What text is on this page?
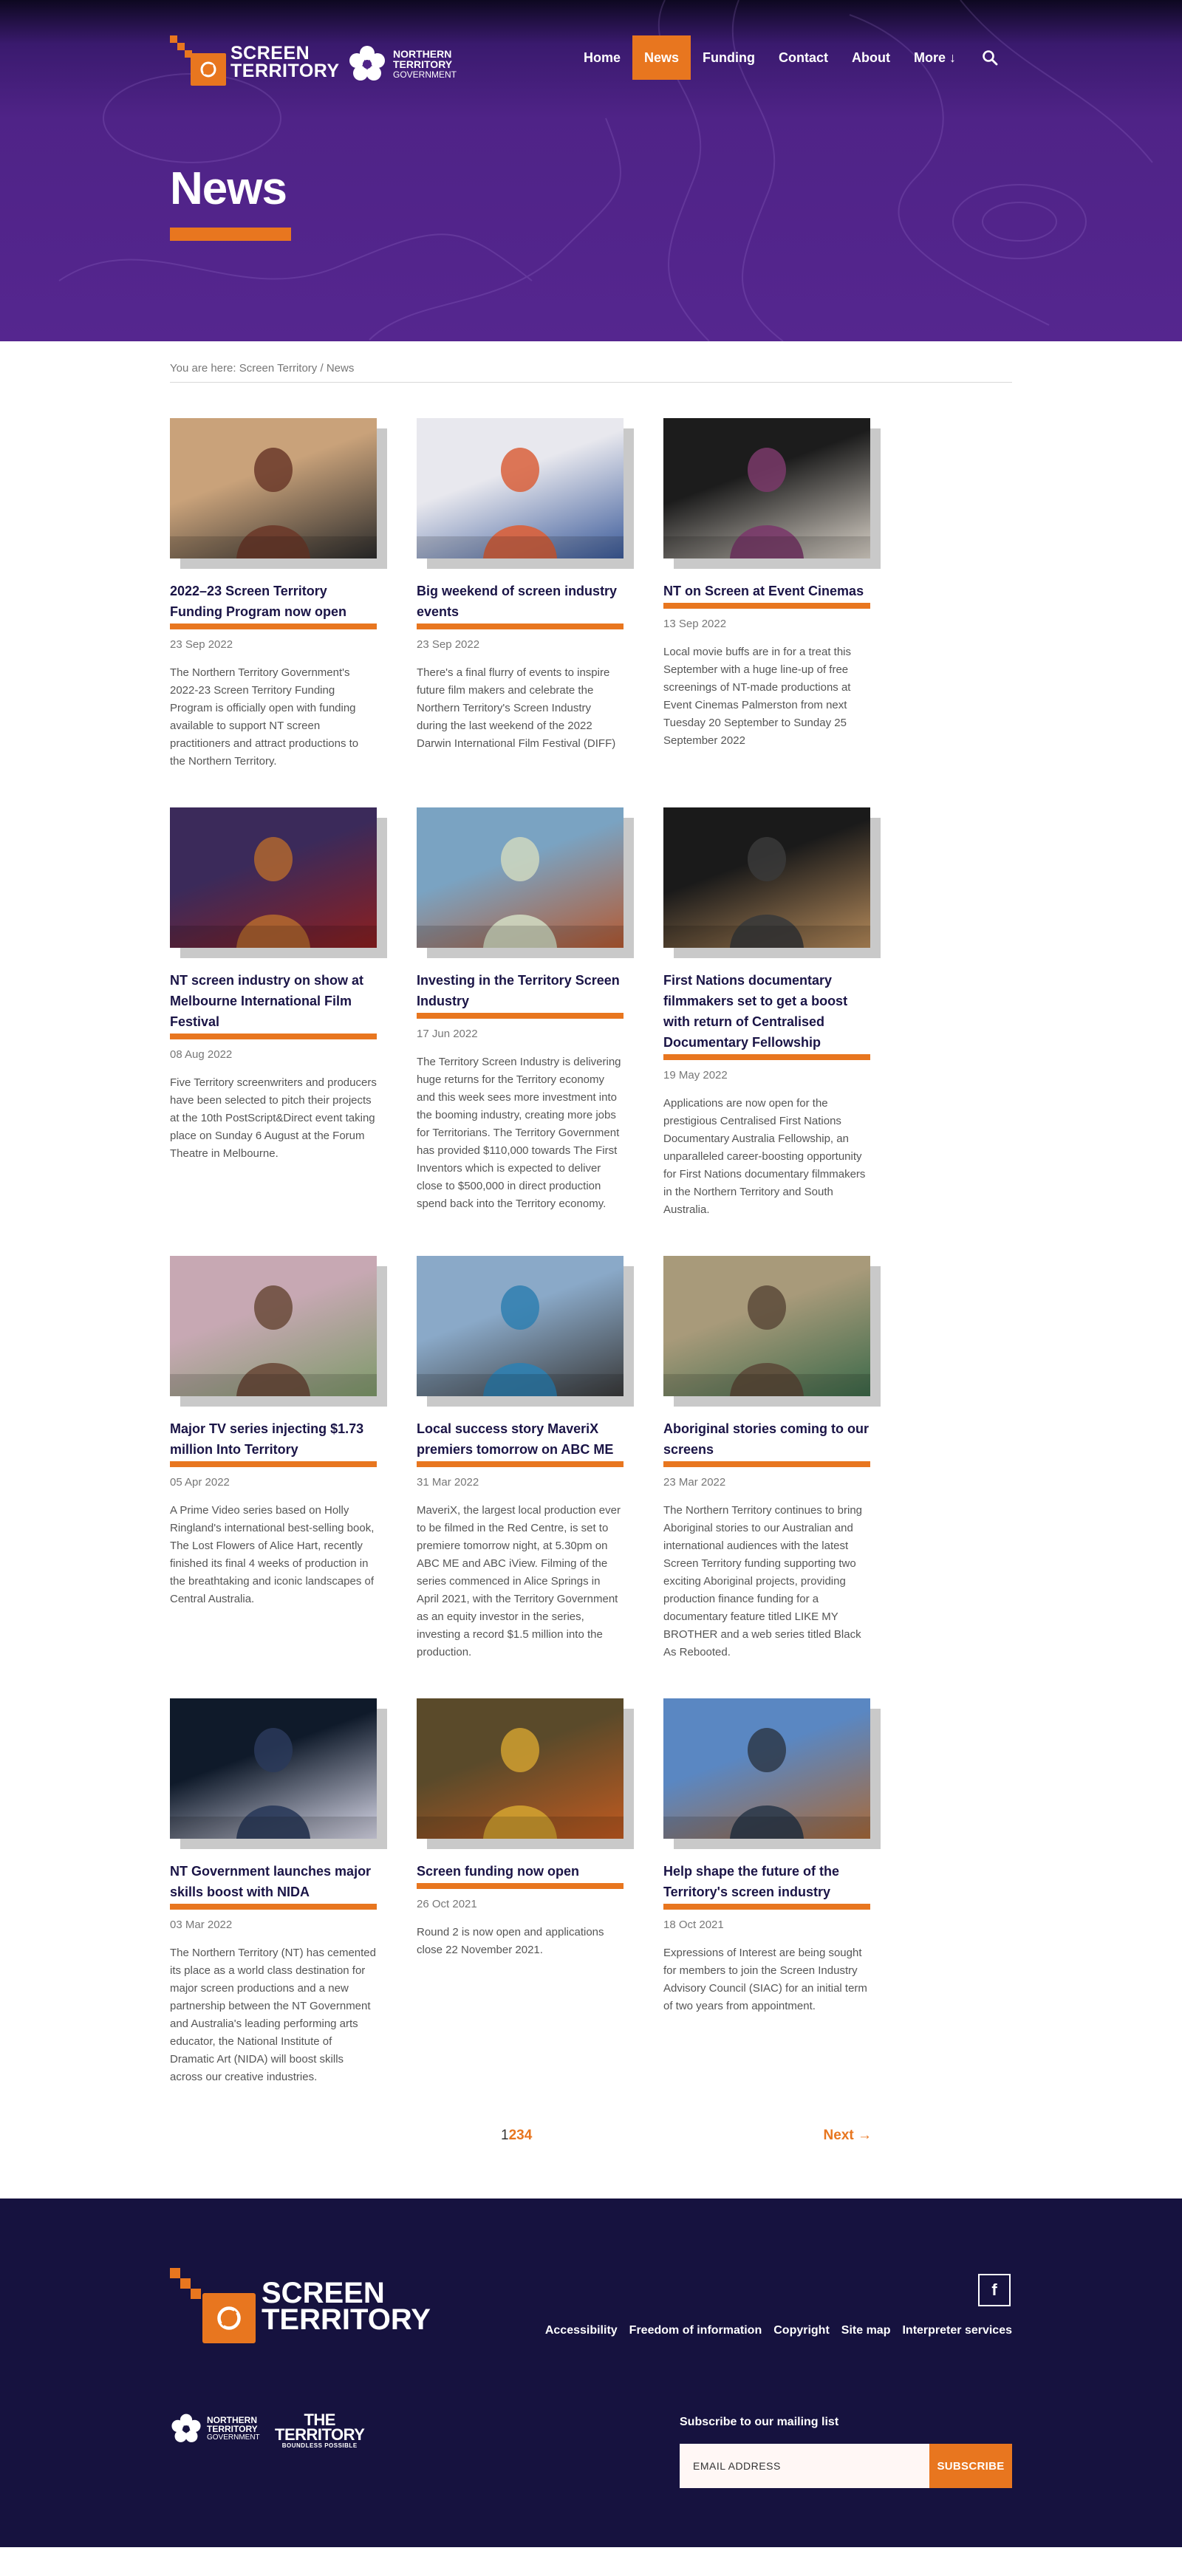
SCREEN
TERRITORY
NORTHERN
TERRITORY
GOVERNMENT
Home	News	Funding	Contact	About	More ↓
News
You are here: Screen Territory / News
2022–23 Screen Territory Funding Program now open
23 Sep 2022
The Northern Territory Government's 2022-23 Screen Territory Funding Program is officially open with funding available to support NT screen practitioners and attract productions to the Northern Territory.
Big weekend of screen industry events
23 Sep 2022
There's a final flurry of events to inspire future film makers and celebrate the Northern Territory's Screen Industry during the last weekend of the 2022 Darwin International Film Festival (DIFF)
NT on Screen at Event Cinemas
13 Sep 2022
Local movie buffs are in for a treat this September with a huge line-up of free screenings of NT-made productions at Event Cinemas Palmerston from next Tuesday 20 September to Sunday 25 September 2022
NT screen industry on show at Melbourne International Film Festival
08 Aug 2022
Five Territory screenwriters and producers have been selected to pitch their projects at the 10th PostScript&Direct event taking place on Sunday 6 August at the Forum Theatre in Melbourne.
Investing in the Territory Screen Industry
17 Jun 2022
The Territory Screen Industry is delivering huge returns for the Territory economy and this week sees more investment into the booming industry, creating more jobs for Territorians. The Territory Government has provided $110,000 towards The First Inventors which is expected to deliver close to $500,000 in direct production spend back into the Territory economy.
First Nations documentary filmmakers set to get a boost with return of Centralised Documentary Fellowship
19 May 2022
Applications are now open for the prestigious Centralised First Nations Documentary Australia Fellowship, an unparalleled career-boosting opportunity for First Nations documentary filmmakers in the Northern Territory and South Australia.
Major TV series injecting $1.73 million Into Territory
05 Apr 2022
A Prime Video series based on Holly Ringland's international best-selling book, The Lost Flowers of Alice Hart, recently finished its final 4 weeks of production in the breathtaking and iconic landscapes of Central Australia.
Local success story MaveriX premiers tomorrow on ABC ME
31 Mar 2022
MaveriX, the largest local production ever to be filmed in the Red Centre, is set to premiere tomorrow night, at 5.30pm on ABC ME and ABC iView. Filming of the series commenced in Alice Springs in April 2021, with the Territory Government as an equity investor in the series, investing a record $1.5 million into the production.
Aboriginal stories coming to our screens
23 Mar 2022
The Northern Territory continues to bring Aboriginal stories to our Australian and international audiences with the latest Screen Territory funding supporting two exciting Aboriginal projects, providing production finance funding for a documentary feature titled LIKE MY BROTHER and a web series titled Black As Rebooted.
NT Government launches major skills boost with NIDA
03 Mar 2022
The Northern Territory (NT) has cemented its place as a world class destination for major screen productions and a new partnership between the NT Government and Australia's leading performing arts educator, the National Institute of Dramatic Art (NIDA) will boost skills across our creative industries.
Screen funding now open
26 Oct 2021
Round 2 is now open and applications close 22 November 2021.
Help shape the future of the Territory's screen industry
18 Oct 2021
Expressions of Interest are being sought for members to join the Screen Industry Advisory Council (SIAC) for an initial term of two years from appointment.
1234	Next →
SCREEN
TERRITORY
f
Accessibility Freedom of information Copyright Site map Interpreter services
NORTHERN
TERRITORY
GOVERNMENT
THE
TERRITORY
BOUNDLESS POSSIBLE
Subscribe to our mailing list
EMAIL ADDRESS
SUBSCRIBE
